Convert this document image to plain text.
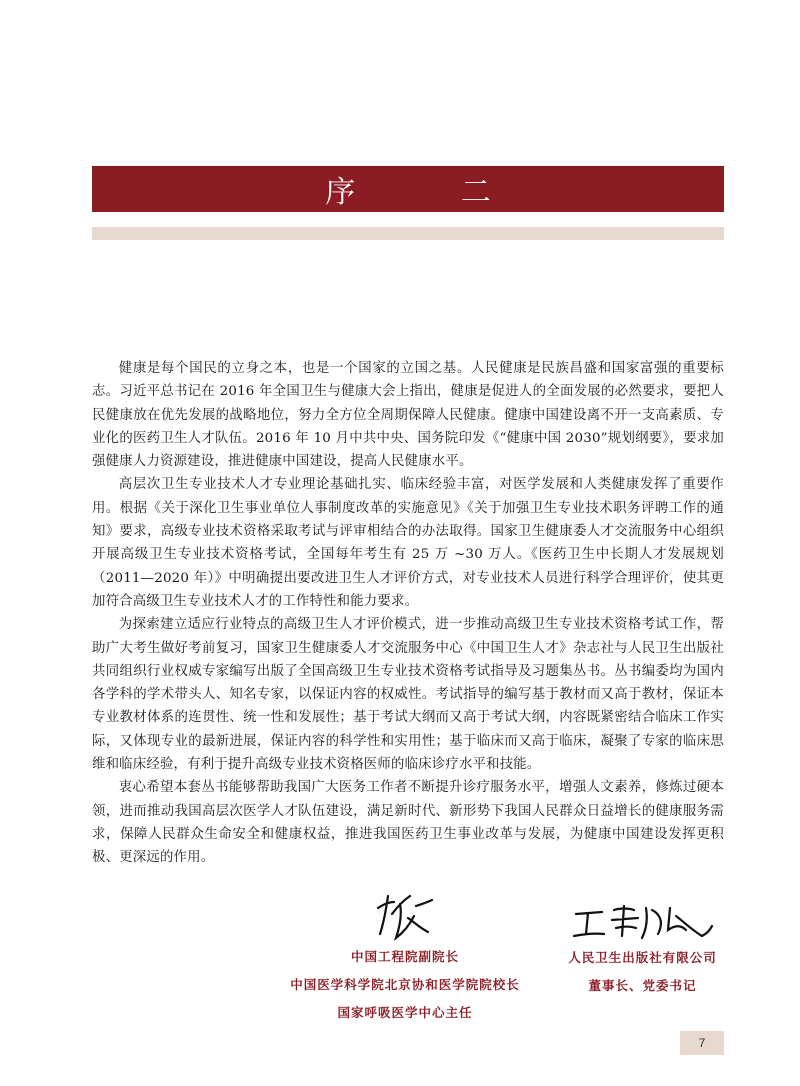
序 二

健康是每个国民的立身之本，也是一个国家的立国之基。人民健康是民族昌盛和国家富强的重要标志。习近平总书记在 2016 年全国卫生与健康大会上指出，健康是促进人的全面发展的必然要求，要把人民健康放在优先发展的战略地位，努力全方位全周期保障人民健康。健康中国建设离不开一支高素质、专业化的医药卫生人才队伍。2016 年 10 月中共中央、国务院印发《“健康中国 2030”规划纲要》，要求加强健康人力资源建设，推进健康中国建设，提高人民健康水平。

高层次卫生专业技术人才专业理论基础扎实、临床经验丰富，对医学发展和人类健康发挥了重要作用。根据《关于深化卫生事业单位人事制度改革的实施意见》《关于加强卫生专业技术职务评聘工作的通知》要求，高级专业技术资格采取考试与评审相结合的办法取得。国家卫生健康委人才交流服务中心组织开展高级卫生专业技术资格考试，全国每年考生有 25 万 ~30 万人。《医药卫生中长期人才发展规划（2011—2020 年）》中明确提出要改进卫生人才评价方式，对专业技术人员进行科学合理评价，使其更加符合高级卫生专业技术人才的工作特性和能力要求。

为探索建立适应行业特点的高级卫生人才评价模式，进一步推动高级卫生专业技术资格考试工作，帮助广大考生做好考前复习，国家卫生健康委人才交流服务中心《中国卫生人才》杂志社与人民卫生出版社共同组织行业权威专家编写出版了全国高级卫生专业技术资格考试指导及习题集丛书。丛书编委均为国内各学科的学术带头人、知名专家，以保证内容的权威性。考试指导的编写基于教材而又高于教材，保证本专业教材体系的连贯性、统一性和发展性；基于考试大纲而又高于考试大纲，内容既紧密结合临床工作实际，又体现专业的最新进展，保证内容的科学性和实用性；基于临床而又高于临床，凝聚了专家的临床思维和临床经验，有利于提升高级专业技术资格医师的临床诊疗水平和技能。

衷心希望本套丛书能够帮助我国广大医务工作者不断提升诊疗服务水平，增强人文素养，修炼过硬本领，进而推动我国高层次医学人才队伍建设，满足新时代、新形势下我国人民群众日益增长的健康服务需求，保障人民群众生命安全和健康权益，推进我国医药卫生事业改革与发展，为健康中国建设发挥更积极、更深远的作用。

中国工程院副院长
中国医学科学院北京协和医学院院校长
国家呼吸医学中心主任
人民卫生出版社有限公司
董事长、党委书记
7
